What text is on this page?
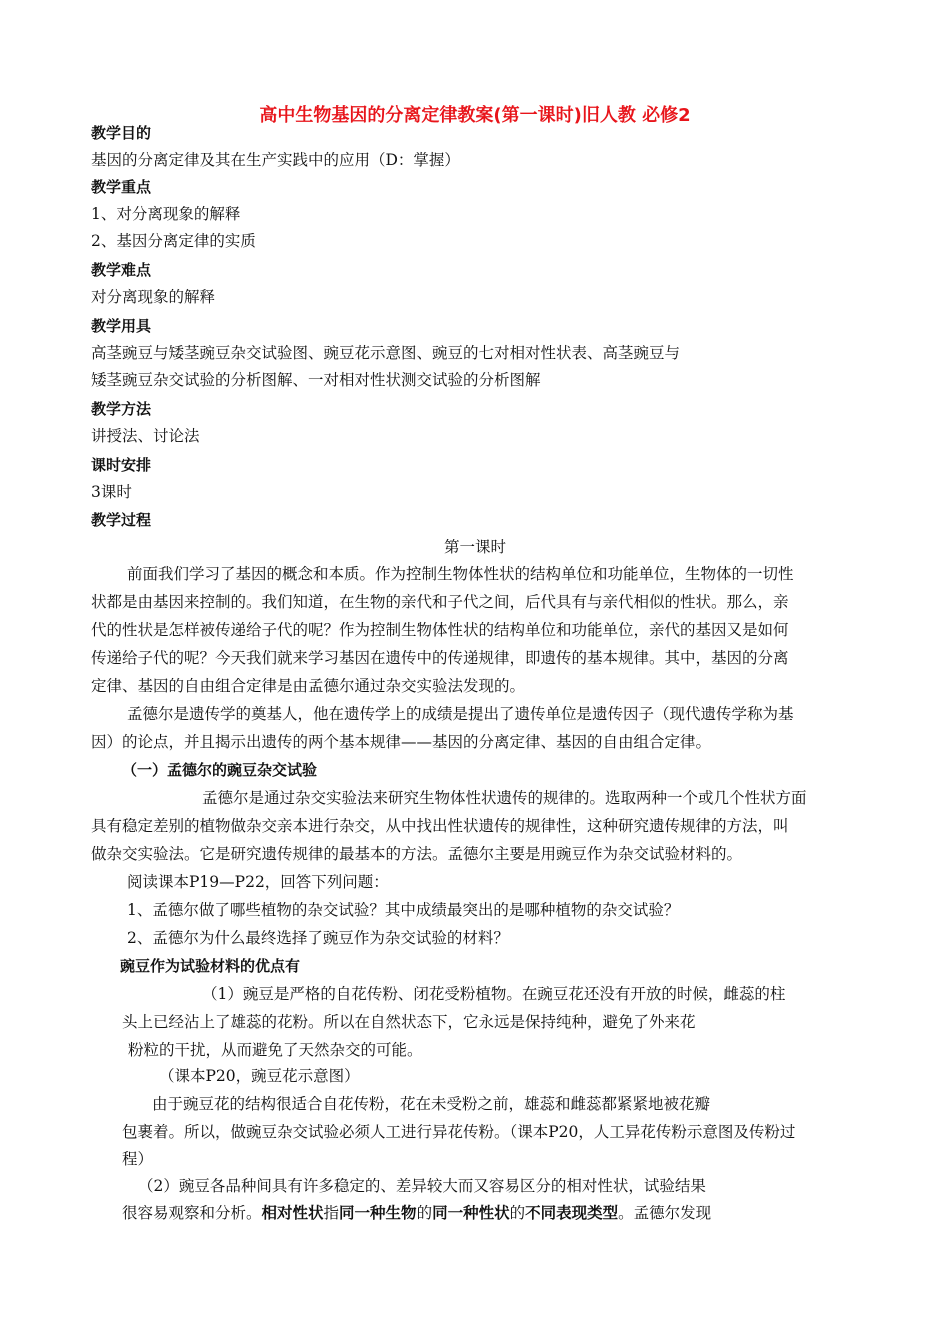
高中生物基因的分离定律教案(第一课时)旧人教 必修2
教学目的
基因的分离定律及其在生产实践中的应用（D：掌握）
教学重点
1、对分离现象的解释
2、基因分离定律的实质
教学难点
对分离现象的解释
教学用具
高茎豌豆与矮茎豌豆杂交试验图、豌豆花示意图、豌豆的七对相对性状表、高茎豌豆与
矮茎豌豆杂交试验的分析图解、一对相对性状测交试验的分析图解
教学方法
讲授法、讨论法
课时安排
3课时
教学过程
第一课时
前面我们学习了基因的概念和本质。作为控制生物体性状的结构单位和功能单位，生物体的一切性
状都是由基因来控制的。我们知道，在生物的亲代和子代之间，后代具有与亲代相似的性状。那么，亲
代的性状是怎样被传递给子代的呢？作为控制生物体性状的结构单位和功能单位，亲代的基因又是如何
传递给子代的呢？今天我们就来学习基因在遗传中的传递规律，即遗传的基本规律。其中，基因的分离
定律、基因的自由组合定律是由孟德尔通过杂交实验法发现的。
孟德尔是遗传学的奠基人，他在遗传学上的成绩是提出了遗传单位是遗传因子（现代遗传学称为基
因）的论点，并且揭示出遗传的两个基本规律——基因的分离定律、基因的自由组合定律。
（一）孟德尔的豌豆杂交试验
孟德尔是通过杂交实验法来研究生物体性状遗传的规律的。选取两种一个或几个性状方面
具有稳定差别的植物做杂交亲本进行杂交，从中找出性状遗传的规律性，这种研究遗传规律的方法，叫
做杂交实验法。它是研究遗传规律的最基本的方法。孟德尔主要是用豌豆作为杂交试验材料的。
阅读课本P19—P22，回答下列问题：
1、孟德尔做了哪些植物的杂交试验？其中成绩最突出的是哪种植物的杂交试验？
2、孟德尔为什么最终选择了豌豆作为杂交试验的材料？
豌豆作为试验材料的优点有
（1）豌豆是严格的自花传粉、闭花受粉植物。在豌豆花还没有开放的时候，雌蕊的柱
头上已经沾上了雄蕊的花粉。所以在自然状态下，它永远是保持纯种，避免了外来花
粉粒的干扰，从而避免了天然杂交的可能。
（课本P20，豌豆花示意图）
由于豌豆花的结构很适合自花传粉，花在未受粉之前，雄蕊和雌蕊都紧紧地被花瓣
包裹着。所以，做豌豆杂交试验必须人工进行异花传粉。（课本P20，人工异花传粉示意图及传粉过
程）
（2）豌豆各品种间具有许多稳定的、差异较大而又容易区分的相对性状，试验结果
很容易观察和分析。相对性状指同一种生物的同一种性状的不同表现类型。孟德尔发现
